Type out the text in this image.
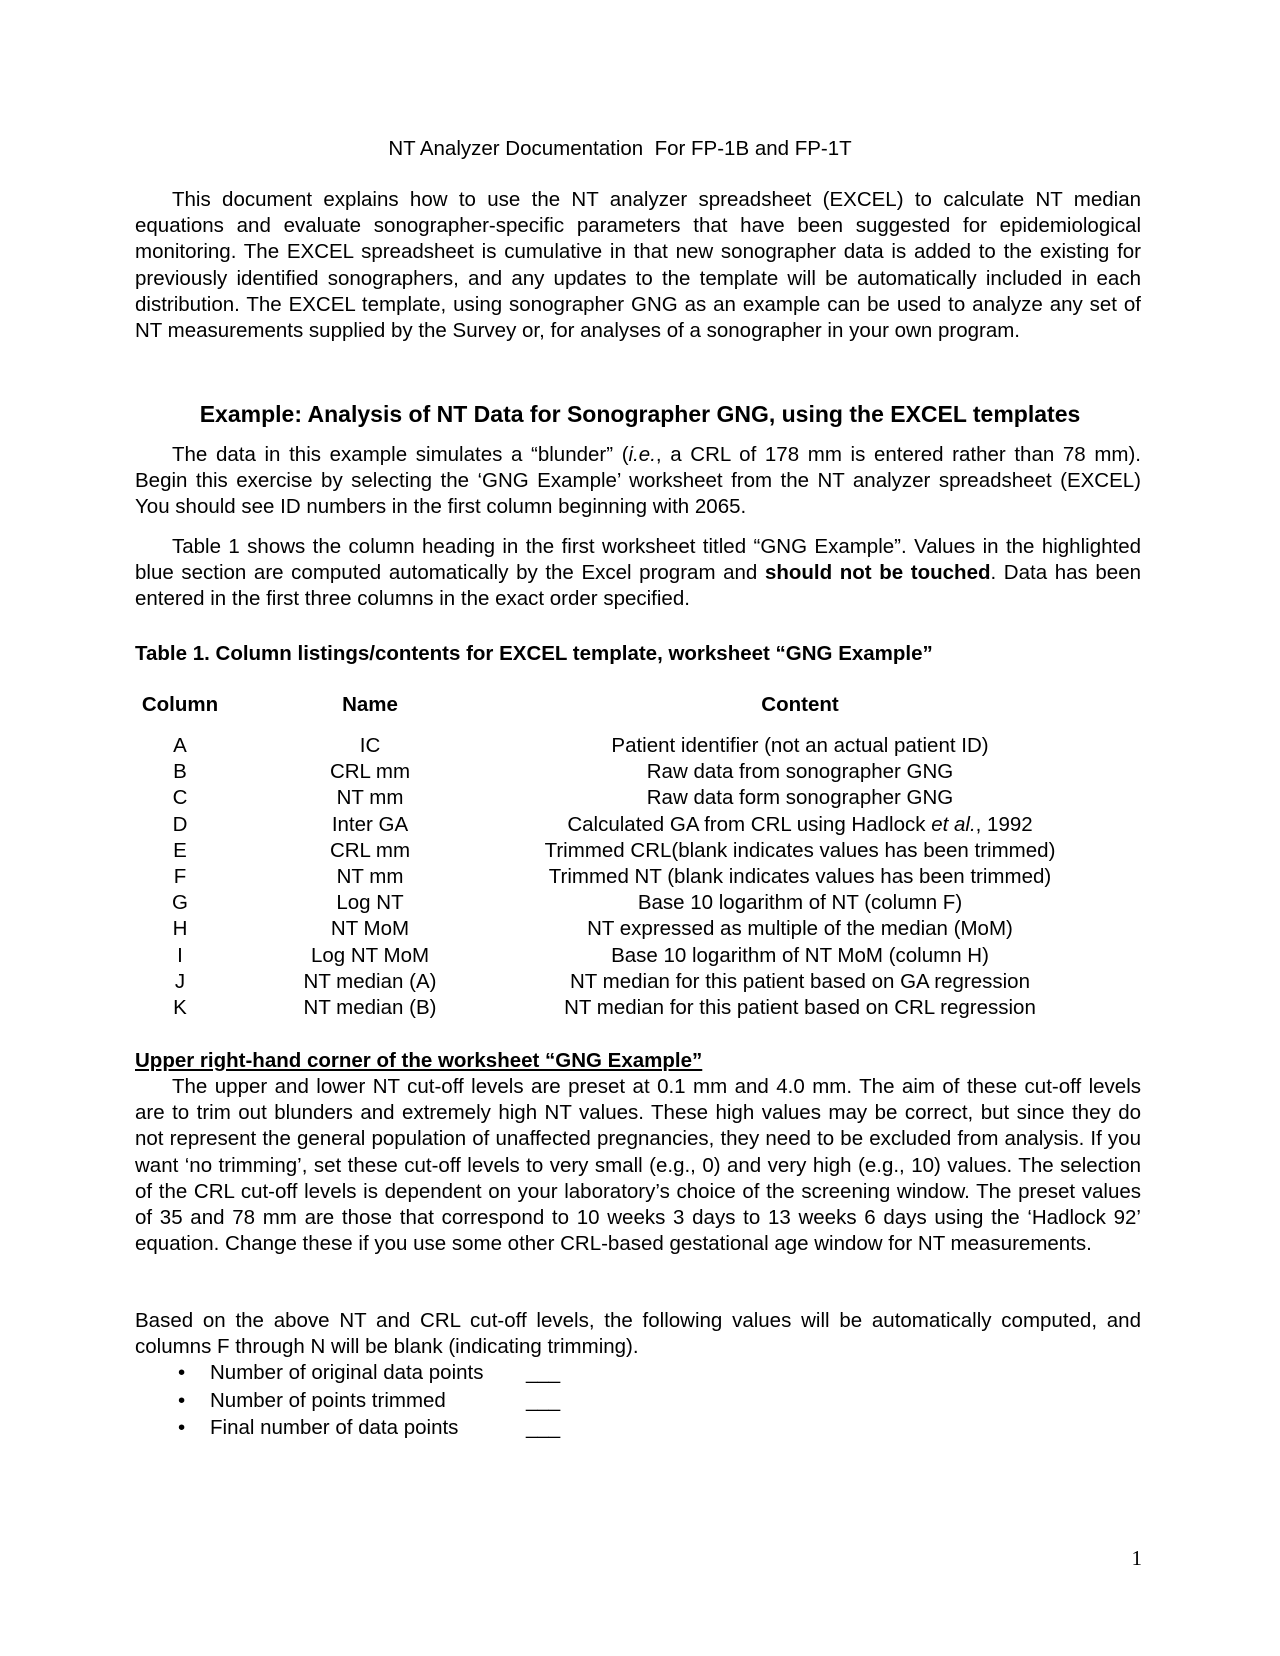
NT Analyzer Documentation  For FP-1B and FP-1T

This document explains how to use the NT analyzer spreadsheet (EXCEL) to calculate NT median equations and evaluate sonographer-specific parameters that have been suggested for epidemiological monitoring. The EXCEL spreadsheet is cumulative in that new sonographer data is added to the existing for previously identified sonographers, and any updates to the template will be automatically included in each distribution. The EXCEL template, using sonographer GNG as an example can be used to analyze any set of NT measurements supplied by the Survey or, for analyses of a sonographer in your own program.

Example: Analysis of NT Data for Sonographer GNG, using the EXCEL templates

The data in this example simulates a “blunder” (i.e., a CRL of 178 mm is entered rather than 78 mm). Begin this exercise by selecting the ‘GNG Example’ worksheet from the NT analyzer spreadsheet (EXCEL) You should see ID numbers in the first column beginning with 2065.

Table 1 shows the column heading in the first worksheet titled “GNG Example”. Values in the highlighted blue section are computed automatically by the Excel program and should not be touched. Data has been entered in the first three columns in the exact order specified.

Table 1. Column listings/contents for EXCEL template, worksheet “GNG Example”
Column	Name	Content
A	IC	Patient identifier (not an actual patient ID)
B	CRL mm	Raw data from sonographer GNG
C	NT mm	Raw data form sonographer GNG
D	Inter GA	Calculated GA from CRL using Hadlock et al., 1992
E	CRL mm	Trimmed CRL(blank indicates values has been trimmed)
F	NT mm	Trimmed NT (blank indicates values has been trimmed)
G	Log NT	Base 10 logarithm of NT (column F)
H	NT MoM	NT expressed as multiple of the median (MoM)
I	Log NT MoM	Base 10 logarithm of NT MoM (column H)
J	NT median (A)	NT median for this patient based on GA regression
K	NT median (B)	NT median for this patient based on CRL regression
Upper right-hand corner of the worksheet “GNG Example”

The upper and lower NT cut-off levels are preset at 0.1 mm and 4.0 mm. The aim of these cut-off levels are to trim out blunders and extremely high NT values. These high values may be correct, but since they do not represent the general population of unaffected pregnancies, they need to be excluded from analysis. If you want ‘no trimming’, set these cut-off levels to very small (e.g., 0) and very high (e.g., 10) values. The selection of the CRL cut-off levels is dependent on your laboratory’s choice of the screening window. The preset values of 35 and 78 mm are those that correspond to 10 weeks 3 days to 13 weeks 6 days using the ‘Hadlock 92’ equation. Change these if you use some other CRL-based gestational age window for NT measurements.

Based on the above NT and CRL cut-off levels, the following values will be automatically computed, and columns F through N will be blank (indicating trimming).

• Number of original data points ___
• Number of points trimmed	___
• Final number of data points	___
1
